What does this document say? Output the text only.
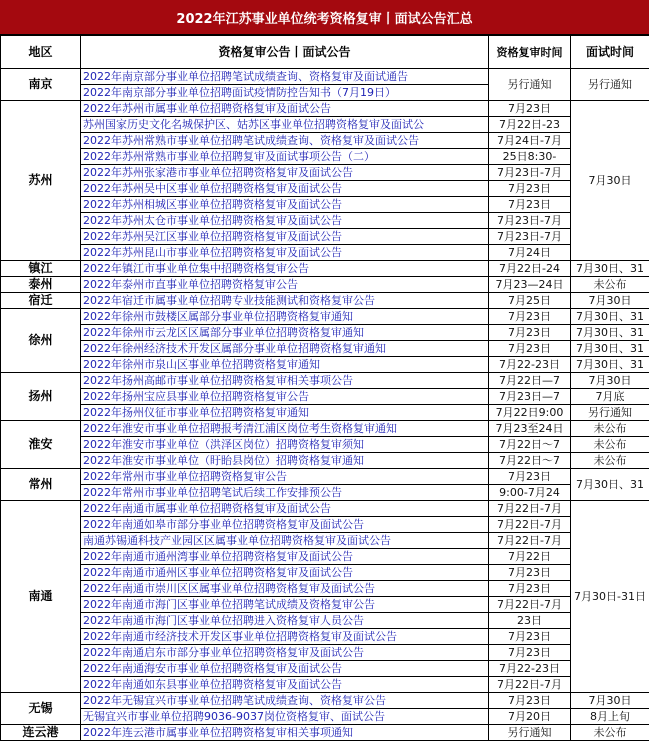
2022年江苏事业单位统考资格复审丨面试公告汇总
地区	资格复审公告丨面试公告	资格复审时间	面试时间
南京	2022年南京部分事业单位招聘笔试成绩查询、资格复审及面试通告	另行通知	另行通知
	2022年南京部分事业单位招聘面试疫情防控告知书（7月19日）		
苏州	2022年苏州市属事业单位招聘资格复审及面试公告	7月23日	7月30日
	苏州国家历史文化名城保护区、姑苏区事业单位招聘资格复审及面试公	7月22日-23	
	2022年苏州常熟市事业单位招聘笔试成绩查询、资格复审及面试公告	7月24日-7月	
	2022年苏州常熟市事业单位招聘复审及面试事项公告（二）	25日8:30-	
	2022年苏州张家港市事业单位招聘资格复审及面试公告	7月23日-7月	
	2022年苏州吴中区事业单位招聘资格复审及面试公告	7月23日	
	2022年苏州相城区事业单位招聘资格复审及面试公告	7月23日	
	2022年苏州太仓市事业单位招聘资格复审及面试公告	7月23日-7月	
	2022年苏州吴江区事业单位招聘资格复审及面试公告	7月23日-7月	
	2022年苏州昆山市事业单位招聘资格复审及面试公告	7月24日	
镇江	2022年镇江市事业单位集中招聘资格复审公告	7月22日-24	7月30日、31
泰州	2022年泰州市直事业单位招聘资格复审公告	7月23—24日	未公布
宿迁	2022年宿迁市属事业单位招聘专业技能测试和资格复审公告	7月25日	7月30日
徐州	2022年徐州市鼓楼区属部分事业单位招聘资格复审通知	7月23日	7月30日、31
	2022年徐州市云龙区区属部分事业单位招聘资格复审通知	7月23日	7月30日、31
	2022年徐州经济技术开发区属部分事业单位招聘资格复审通知	7月23日	7月30日、31
	2022年徐州市泉山区事业单位招聘资格复审通知	7月22-23日	7月30日、31
扬州	2022年扬州高邮市事业单位招聘资格复审相关事项公告	7月22日—7	7月30日
	2022年扬州宝应县事业单位招聘资格复审公告	7月23日—7	7月底
	2022年扬州仪征市事业单位招聘资格复审通知	7月22日9:00	另行通知
淮安	2022年淮安市事业单位招聘报考清江浦区岗位考生资格复审通知	7月23至24日	未公布
	2022年淮安市事业单位（洪泽区岗位）招聘资格复审须知	7月22日～7	未公布
	2022年淮安市事业单位（盱眙县岗位）招聘资格复审通知	7月22日～7	未公布
常州	2022年常州市事业单位招聘资格复审公告	7月23日	7月30日、31
	2022年常州市事业单位招聘笔试后续工作安排预公告	9:00-7月24	
南通	2022年南通市属事业单位招聘资格复审及面试公告	7月22日-7月	7月30日-31日
	2022年南通如皋市部分事业单位招聘资格复审及面试公告	7月22日-7月	
	南通苏锡通科技产业园区区属事业单位招聘资格复审及面试公告	7月22日-7月	
	2022年南通市通州湾事业单位招聘资格复审及面试公告	7月22日	
	2022年南通市通州区事业单位招聘资格复审及面试公告	7月23日	
	2022年南通市崇川区区属事业单位招聘资格复审及面试公告	7月23日	
	2022年南通市海门区事业单位招聘笔试成绩及资格复审公告	7月22日-7月	
	2022年南通市海门区事业单位招聘进入资格复审人员公告	23日	
	2022年南通市经济技术开发区事业单位招聘资格复审及面试公告	7月23日	
	2022年南通启东市部分事业单位招聘资格复审及面试公告	7月23日	
	2022年南通海安市事业单位招聘资格复审及面试公告	7月22-23日	
	2022年南通如东县事业单位招聘资格复审及面试公告	7月22日-7月	
无锡	2022年无锡宜兴市事业单位招聘笔试成绩查询、资格复审公告	7月23日	7月30日
	无锡宜兴市事业单位招聘9036-9037岗位资格复审、面试公告	7月20日	8月上旬
连云港	2022年连云港市属事业单位招聘资格复审相关事项通知	另行通知	未公布
